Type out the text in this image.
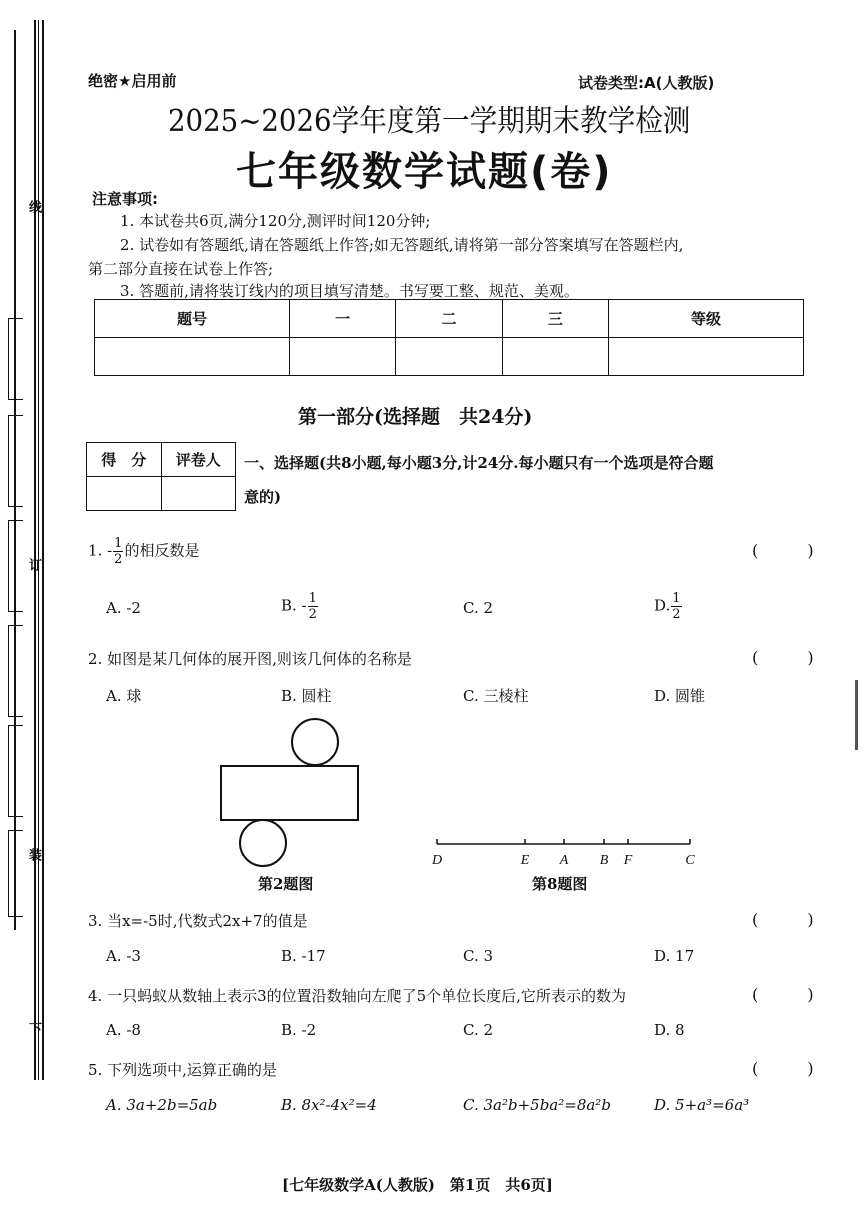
线
订
装
下
绝密★启用前	试卷类型:A(人教版)
2025~2026学年度第一学期期末教学检测
七年级数学试题(卷)
注意事项:
1. 本试卷共6页,满分120分,测评时间120分钟;
2. 试卷如有答题纸,请在答题纸上作答;如无答题纸,请将第一部分答案填写在答题栏内,
第二部分直接在试卷上作答;
3. 答题前,请将装订线内的项目填写清楚。书写要工整、规范、美观。
题号	一	二	三	等级

第一部分(选择题　共24分)
得　分	评卷人
	一、选择题(共8小题,每小题3分,计24分.每小题只有一个选项是符合题
意的)
1. - $\frac{1}{2}$ 的相反数是	( )
A. -2	B. - $\frac{1}{2}$	C. 2	D. $\frac{1}{2}$
2. 如图是某几何体的展开图,则该几何体的名称是	( )
A. 球	B. 圆柱	C. 三棱柱	D. 圆锥
第2题图
D	E A B F	C
第8题图
3. 当x=-5时,代数式2x+7的值是	( )
A. -3	B. -17	C. 3	D. 17
4. 一只蚂蚁从数轴上表示3的位置沿数轴向左爬了5个单位长度后,它所表示的数为	( )
A. -8	B. -2	C. 2	D. 8
5. 下列选项中,运算正确的是	( )
A. 3a+2b=5ab	B. 8x²-4x²=4	C. 3a²b+5ba²=8a²b	D. 5+a³=6a³
[七年级数学A(人教版)　第1页　共6页]
